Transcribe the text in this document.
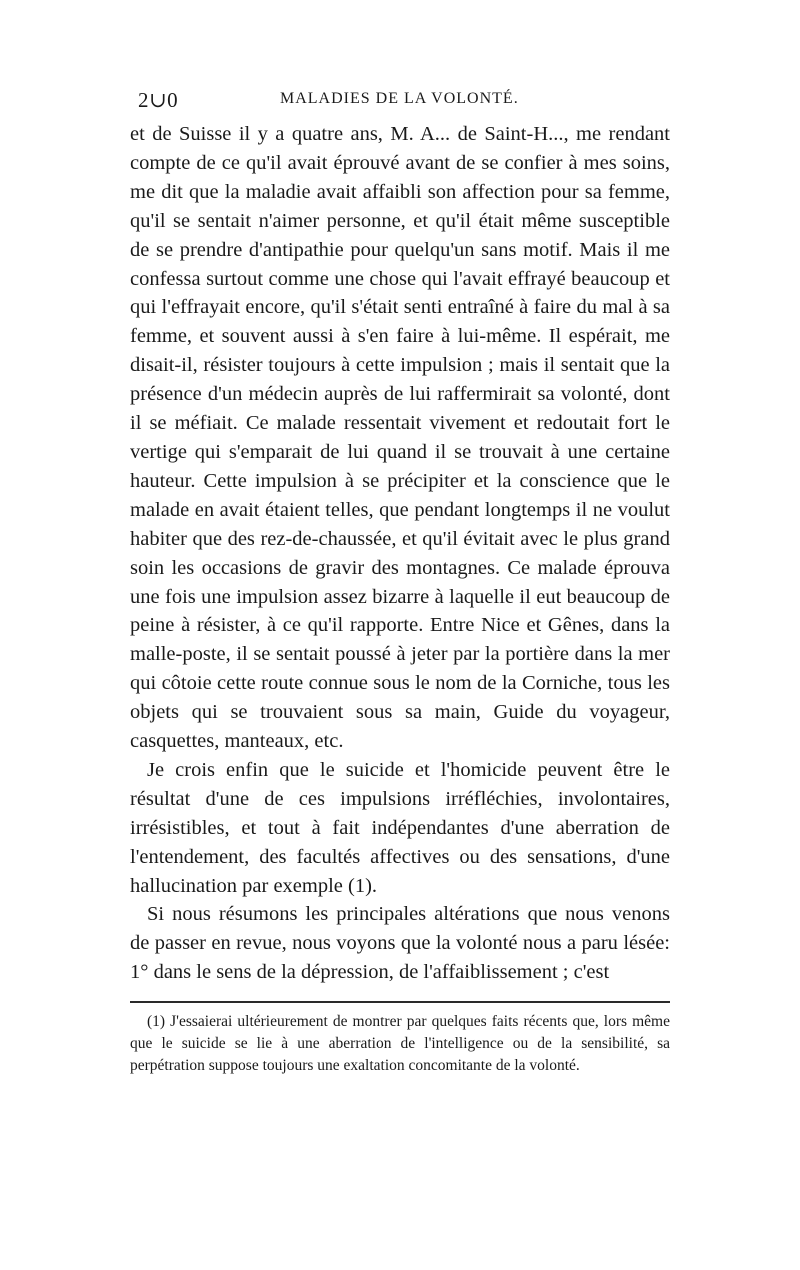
2∪0	MALADIES DE LA VOLONTÉ.

et de Suisse il y a quatre ans, M. A... de Saint-H..., me rendant compte de ce qu'il avait éprouvé avant de se confier à mes soins, me dit que la maladie avait affaibli son affection pour sa femme, qu'il se sentait n'aimer personne, et qu'il était même susceptible de se prendre d'antipathie pour quelqu'un sans motif. Mais il me confessa surtout comme une chose qui l'avait effrayé beaucoup et qui l'effrayait encore, qu'il s'était senti entraîné à faire du mal à sa femme, et souvent aussi à s'en faire à lui-même. Il espérait, me disait-il, résister toujours à cette impulsion ; mais il sentait que la présence d'un médecin auprès de lui raffermirait sa volonté, dont il se méfiait. Ce malade ressentait vivement et redoutait fort le vertige qui s'emparait de lui quand il se trouvait à une certaine hauteur. Cette impulsion à se précipiter et la conscience que le malade en avait étaient telles, que pendant longtemps il ne voulut habiter que des rez-de-chaussée, et qu'il évitait avec le plus grand soin les occasions de gravir des montagnes. Ce malade éprouva une fois une impulsion assez bizarre à laquelle il eut beaucoup de peine à résister, à ce qu'il rapporte. Entre Nice et Gênes, dans la malle-poste, il se sentait poussé à jeter par la portière dans la mer qui côtoie cette route connue sous le nom de la Corniche, tous les objets qui se trouvaient sous sa main, Guide du voyageur, casquettes, manteaux, etc.

Je crois enfin que le suicide et l'homicide peuvent être le résultat d'une de ces impulsions irréfléchies, involontaires, irrésistibles, et tout à fait indépendantes d'une aberration de l'entendement, des facultés affectives ou des sensations, d'une hallucination par exemple (1).

Si nous résumons les principales altérations que nous venons de passer en revue, nous voyons que la volonté nous a paru lésée: 1° dans le sens de la dépression, de l'affaiblissement ; c'est

(1) J'essaierai ultérieurement de montrer par quelques faits récents que, lors même que le suicide se lie à une aberration de l'intelligence ou de la sensibilité, sa perpétration suppose toujours une exaltation concomitante de la volonté.
